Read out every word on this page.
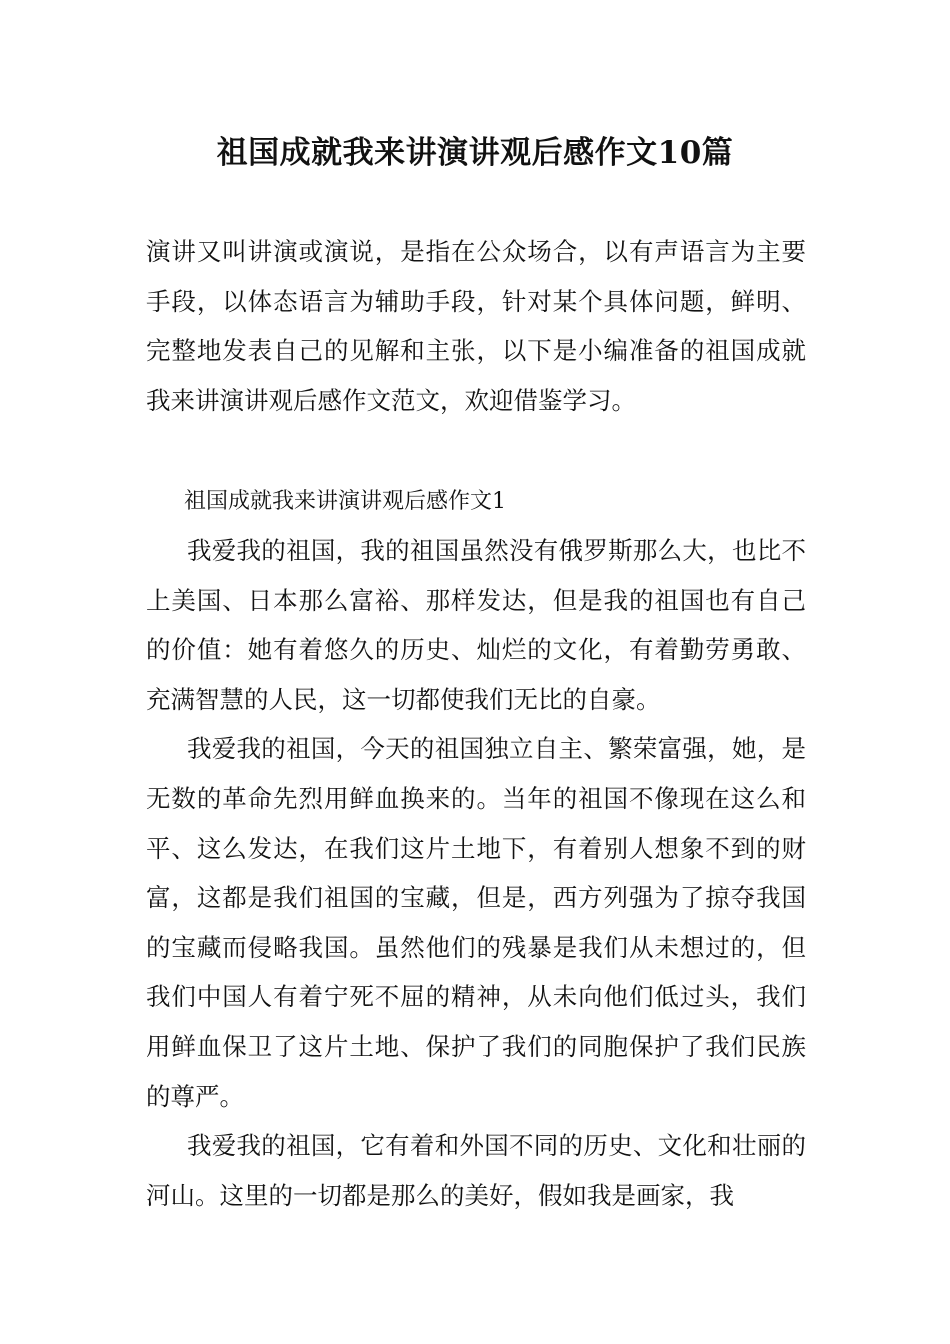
祖国成就我来讲演讲观后感作文10篇

演讲又叫讲演或演说，是指在公众场合，以有声语言为主要手段，以体态语言为辅助手段，针对某个具体问题，鲜明、完整地发表自己的见解和主张，以下是小编准备的祖国成就我来讲演讲观后感作文范文，欢迎借鉴学习。

祖国成就我来讲演讲观后感作文1

我爱我的祖国，我的祖国虽然没有俄罗斯那么大，也比不上美国、日本那么富裕、那样发达，但是我的祖国也有自己的价值：她有着悠久的历史、灿烂的文化，有着勤劳勇敢、充满智慧的人民，这一切都使我们无比的自豪。

我爱我的祖国，今天的祖国独立自主、繁荣富强，她，是无数的革命先烈用鲜血换来的。当年的祖国不像现在这么和平、这么发达，在我们这片土地下，有着别人想象不到的财富，这都是我们祖国的宝藏，但是，西方列强为了掠夺我国的宝藏而侵略我国。虽然他们的残暴是我们从未想过的，但我们中国人有着宁死不屈的精神，从未向他们低过头，我们用鲜血保卫了这片土地、保护了我们的同胞保护了我们民族的尊严。

我爱我的祖国，它有着和外国不同的历史、文化和壮丽的河山。这里的一切都是那么的美好，假如我是画家，我
